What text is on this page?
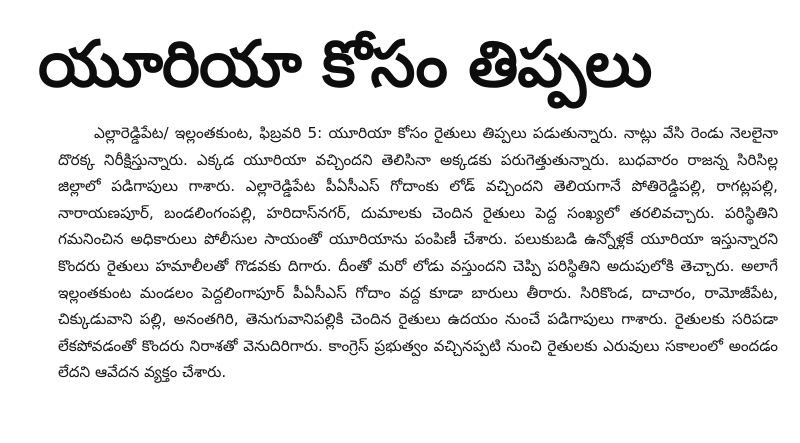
యూరియా కోసం తిప్పలు

ఎల్లారెడ్డిపేట/ ఇల్లంతకుంట, ఫిబ్రవరి 5: యూరియా కోసం రైతులు తిప్పలు పడుతున్నారు. నాట్లు వేసి రెండు నెలలైనా దొరక్క నిరీక్షిస్తున్నారు. ఎక్కడ యూరియా వచ్చిందని తెలిసినా అక్కడకు పరుగెత్తుతున్నారు. బుధవారం రాజన్న సిరిసిల్ల జిల్లాలో పడిగాపులు గాశారు. ఎల్లారెడ్డిపేట పీఏసీఎస్ గోదాంకు లోడ్ వచ్చిందని తెలియగానే పోతిరెడ్డిపల్లి, రాగట్లపల్లి, నారాయణపూర్, బండలింగంపల్లి, హరిదాస్‌నగర్, దుమాలకు చెందిన రైతులు పెద్ద సంఖ్యలో తరలివచ్చారు. పరిస్థితిని గమనించిన అధికారులు పోలీసుల సాయంతో యూరియాను పంపిణీ చేశారు. పలుకుబడి ఉన్నోళ్లకే యూరియా ఇస్తున్నారని కొందరు రైతులు హమాలీలతో గొడవకు దిగారు. దీంతో మరో లోడు వస్తుందని చెప్పి పరిస్థితిని అదుపులోకి తెచ్చారు. అలాగే ఇల్లంతకుంట మండలం పెద్దలింగాపూర్ పీఏసీఎస్ గోదాం వద్ద కూడా బారులు తీరారు. సిరికొండ, దాచారం, రామోజీపేట, చిక్కుడువాని పల్లి, అనంతగిరి, తెనుగువానిపల్లికి చెందిన రైతులు ఉదయం నుంచే పడిగాపులు గాశారు. రైతులకు సరిపడా లేకపోవడంతో కొందరు నిరాశతో వెనుదిరిగారు. కాంగ్రెస్ ప్రభుత్వం వచ్చినప్పటి నుంచి రైతులకు ఎరువులు సకాలంలో అందడం లేదని ఆవేదన వ్యక్తం చేశారు.
